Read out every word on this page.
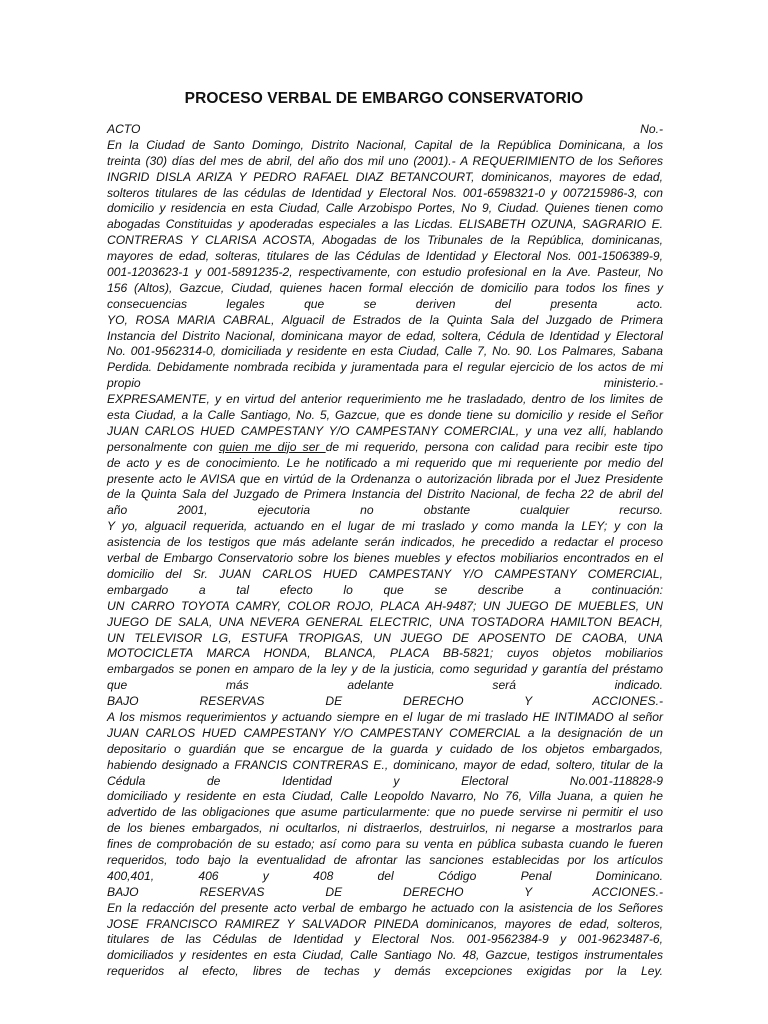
PROCESO VERBAL DE EMBARGO CONSERVATORIO
ACTO No.-
En la Ciudad de Santo Domingo, Distrito Nacional, Capital de la República Dominicana, a los
treinta (30) días del mes de abril, del año dos mil uno (2001).- A REQUERIMIENTO de los Señores
INGRID DISLA ARIZA Y PEDRO RAFAEL DIAZ BETANCOURT, dominicanos, mayores de edad,
solteros titulares de las cédulas de Identidad y Electoral Nos. 001-6598321-0 y 007215986-3, con
domicilio y residencia en esta Ciudad, Calle Arzobispo Portes, No 9, Ciudad. Quienes tienen como
abogadas Constituidas y apoderadas especiales a las Licdas. ELISABETH OZUNA, SAGRARIO E.
CONTRERAS Y CLARISA ACOSTA, Abogadas de los Tribunales de la República, dominicanas,
mayores de edad, solteras, titulares de las Cédulas de Identidad y Electoral Nos. 001-1506389-9,
001-1203623-1 y 001-5891235-2, respectivamente, con estudio profesional en la Ave. Pasteur, No
156 (Altos), Gazcue, Ciudad, quienes hacen formal elección de domicilio para todos los fines y
consecuencias legales que se deriven del presenta acto.
YO, ROSA MARIA CABRAL, Alguacil de Estrados de la Quinta Sala del Juzgado de Primera
Instancia del Distrito Nacional, dominicana mayor de edad, soltera, Cédula de Identidad y Electoral
No. 001-9562314-0, domiciliada y residente en esta Ciudad, Calle 7, No. 90. Los Palmares, Sabana
Perdida. Debidamente nombrada recibida y juramentada para el regular ejercicio de los actos de mi
propio ministerio.-
EXPRESAMENTE, y en virtud del anterior requerimiento me he trasladado, dentro de los limites de
esta Ciudad, a la Calle Santiago, No. 5, Gazcue, que es donde tiene su domicilio y reside el Señor
JUAN CARLOS HUED CAMPESTANY Y/O CAMPESTANY COMERCIAL, y una vez allí, hablando
personalmente con quien me dijo ser de mi requerido, persona con calidad para recibir este tipo
de acto y es de conocimiento. Le he notificado a mi requerido que mi requeriente por medio del
presente acto le AVISA que en virtúd de la Ordenanza o autorización librada por el Juez Presidente
de la Quinta Sala del Juzgado de Primera Instancia del Distrito Nacional, de fecha 22 de abril del
año 2001, ejecutoria no obstante cualquier recurso.
Y yo, alguacil requerida, actuando en el lugar de mi traslado y como manda la LEY; y con la
asistencia de los testigos que más adelante serán indicados, he precedido a redactar el proceso
verbal de Embargo Conservatorio sobre los bienes muebles y efectos mobiliarios encontrados en el
domicilio del Sr. JUAN CARLOS HUED CAMPESTANY Y/O CAMPESTANY COMERCIAL,
embargado a tal efecto lo que se describe a continuación:
UN CARRO TOYOTA CAMRY, COLOR ROJO, PLACA AH-9487; UN JUEGO DE MUEBLES, UN
JUEGO DE SALA, UNA NEVERA GENERAL ELECTRIC, UNA TOSTADORA HAMILTON BEACH,
UN TELEVISOR LG, ESTUFA TROPIGAS, UN JUEGO DE APOSENTO DE CAOBA, UNA
MOTOCICLETA MARCA HONDA, BLANCA, PLACA BB-5821; cuyos objetos mobiliarios
embargados se ponen en amparo de la ley y de la justicia, como seguridad y garantía del préstamo
que más adelante será indicado.
BAJO RESERVAS DE DERECHO Y ACCIONES.-
A los mismos requerimientos y actuando siempre en el lugar de mi traslado HE INTIMADO al señor
JUAN CARLOS HUED CAMPESTANY Y/O CAMPESTANY COMERCIAL a la designación de un
depositario o guardián que se encargue de la guarda y cuidado de los objetos embargados,
habiendo designado a FRANCIS CONTRERAS E., dominicano, mayor de edad, soltero, titular de la
Cédula de Identidad y Electoral No.001-118828-9
domiciliado y residente en esta Ciudad, Calle Leopoldo Navarro, No 76, Villa Juana, a quien he
advertido de las obligaciones que asume particularmente: que no puede servirse ni permitir el uso
de los bienes embargados, ni ocultarlos, ni distraerlos, destruirlos, ni negarse a mostrarlos para
fines de comprobación de su estado; así como para su venta en pública subasta cuando le fueren
requeridos, todo bajo la eventualidad de afrontar las sanciones establecidas por los artículos
400,401, 406 y 408 del Código Penal Dominicano.
BAJO RESERVAS DE DERECHO Y ACCIONES.-
En la redacción del presente acto verbal de embargo he actuado con la asistencia de los Señores
JOSE FRANCISCO RAMIREZ Y SALVADOR PINEDA dominicanos, mayores de edad, solteros,
titulares de las Cédulas de Identidad y Electoral Nos. 001-9562384-9 y 001-9623487-6,
domiciliados y residentes en esta Ciudad, Calle Santiago No. 48, Gazcue, testigos instrumentales
requeridos al efecto, libres de techas y demás excepciones exigidas por la Ley.
